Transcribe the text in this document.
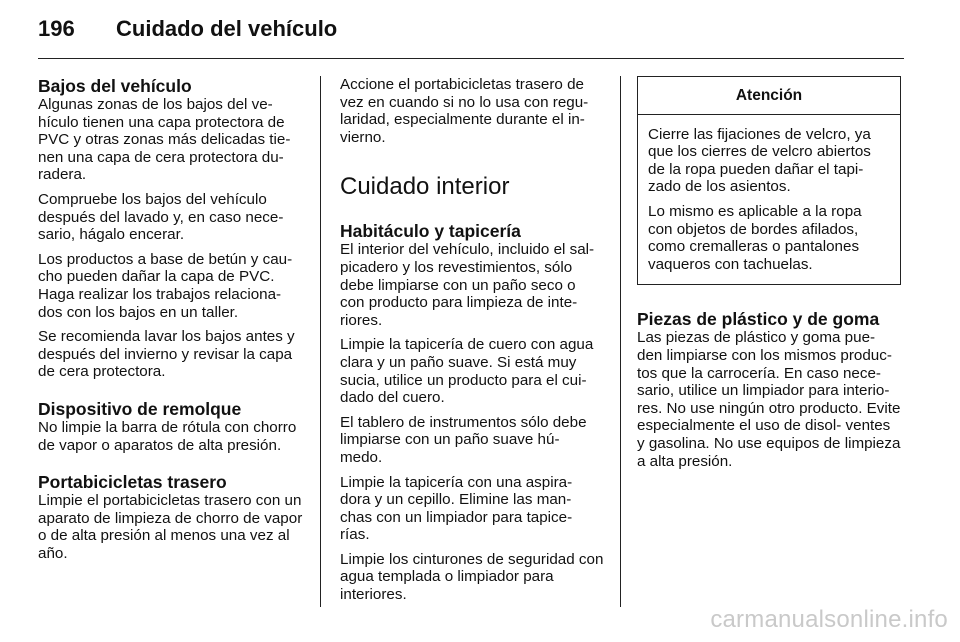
196	Cuidado del vehículo
Bajos del vehículo

Algunas zonas de los bajos del ve- hículo tienen una capa protectora de PVC y otras zonas más delicadas tie- nen una capa de cera protectora du- radera.

Compruebe los bajos del vehículo después del lavado y, en caso nece- sario, hágalo encerar.

Los productos a base de betún y cau- cho pueden dañar la capa de PVC. Haga realizar los trabajos relaciona- dos con los bajos en un taller.

Se recomienda lavar los bajos antes y después del invierno y revisar la capa de cera protectora.

Dispositivo de remolque

No limpie la barra de rótula con chorro de vapor o aparatos de alta presión.

Portabicicletas trasero

Limpie el portabicicletas trasero con un aparato de limpieza de chorro de vapor o de alta presión al menos una vez al año.

Accione el portabicicletas trasero de vez en cuando si no lo usa con regu- laridad, especialmente durante el in- vierno.

Cuidado interior
Habitáculo y tapicería

El interior del vehículo, incluido el sal- picadero y los revestimientos, sólo debe limpiarse con un paño seco o con producto para limpieza de inte- riores.

Limpie la tapicería de cuero con agua clara y un paño suave. Si está muy sucia, utilice un producto para el cui- dado del cuero.

El tablero de instrumentos sólo debe limpiarse con un paño suave hú- medo.

Limpie la tapicería con una aspira- dora y un cepillo. Elimine las man- chas con un limpiador para tapice- rías.

Limpie los cinturones de seguridad con agua templada o limpiador para interiores.

Atención

Cierre las fijaciones de velcro, ya que los cierres de velcro abiertos de la ropa pueden dañar el tapi- zado de los asientos.

Lo mismo es aplicable a la ropa con objetos de bordes afilados, como cremalleras o pantalones vaqueros con tachuelas.

Piezas de plástico y de goma

Las piezas de plástico y goma pue- den limpiarse con los mismos produc- tos que la carrocería. En caso nece- sario, utilice un limpiador para interio- res. No use ningún otro producto. Evite especialmente el uso de disol- ventes y gasolina. No use equipos de limpieza a alta presión.

carmanualsonline.info
